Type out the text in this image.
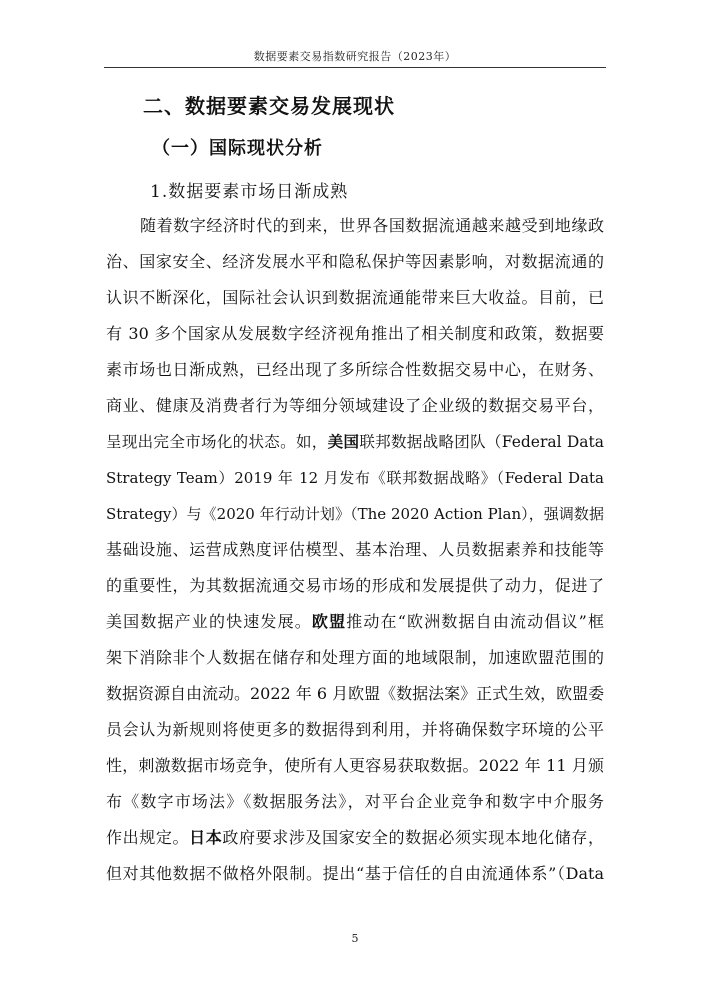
数据要素交易指数研究报告（2023年）
二、数据要素交易发展现状
（一）国际现状分析
1.数据要素市场日渐成熟
随着数字经济时代的到来，世界各国数据流通越来越受到地缘政
治、国家安全、经济发展水平和隐私保护等因素影响，对数据流通的
认识不断深化，国际社会认识到数据流通能带来巨大收益。目前，已
有 30 多个国家从发展数字经济视角推出了相关制度和政策，数据要
素市场也日渐成熟，已经出现了多所综合性数据交易中心，在财务、
商业、健康及消费者行为等细分领域建设了企业级的数据交易平台，
呈现出完全市场化的状态。如，美国联邦数据战略团队（Federal Data
Strategy Team）2019 年 12 月发布《联邦数据战略》（Federal Data
Strategy）与《2020 年行动计划》（The 2020 Action Plan），强调数据
基础设施、运营成熟度评估模型、基本治理、人员数据素养和技能等
的重要性，为其数据流通交易市场的形成和发展提供了动力，促进了
美国数据产业的快速发展。欧盟推动在“欧洲数据自由流动倡议”框
架下消除非个人数据在储存和处理方面的地域限制，加速欧盟范围的
数据资源自由流动。2022 年 6 月欧盟《数据法案》正式生效，欧盟委
员会认为新规则将使更多的数据得到利用，并将确保数字环境的公平
性，刺激数据市场竞争，使所有人更容易获取数据。2022 年 11 月颁
布《数字市场法》《数据服务法》，对平台企业竞争和数字中介服务
作出规定。日本政府要求涉及国家安全的数据必须实现本地化储存，
但对其他数据不做格外限制。提出“基于信任的自由流通体系”（Data
5
